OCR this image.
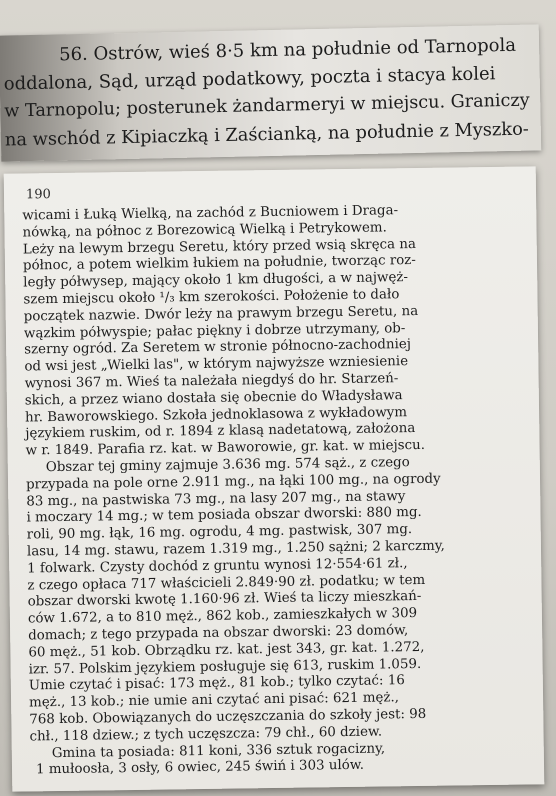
56. Ostrów, wieś 8·5 km na południe od Tarnopola
oddalona, Sąd, urząd podatkowy, poczta i stacya kolei
w Tarnopolu; posterunek żandarmeryi w miejscu. Graniczy
na wschód z Kipiaczką i Zaścianką, na południe z Myszko-
190
wicami i Łuką Wielką, na zachód z Bucniowem i Draga-
nówką, na północ z Borezowicą Wielką i Petrykowem.
Leży na lewym brzegu Seretu, który przed wsią skręca na
północ, a potem wielkim łukiem na południe, tworząc roz-
legły półwysep, mający około 1 km długości, a w najwęż-
szem miejscu około ¹/₃ km szerokości. Położenie to dało
początek nazwie. Dwór leży na prawym brzegu Seretu, na
wązkim półwyspie; pałac piękny i dobrze utrzymany, ob-
szerny ogród. Za Seretem w stronie północno-zachodniej
od wsi jest „Wielki las", w którym najwyższe wzniesienie
wynosi 367 m. Wieś ta należała niegdyś do hr. Starzeń-
skich, a przez wiano dostała się obecnie do Władysława
hr. Baworowskiego. Szkoła jednoklasowa z wykładowym
językiem ruskim, od r. 1894 z klasą nadetatową, założona
w r. 1849. Parafia rz. kat. w Baworowie, gr. kat. w miejscu.
Obszar tej gminy zajmuje 3.636 mg. 574 sąż., z czego
przypada na pole orne 2.911 mg., na łąki 100 mg., na ogrody
83 mg., na pastwiska 73 mg., na lasy 207 mg., na stawy
i moczary 14 mg.; w tem posiada obszar dworski: 880 mg.
roli, 90 mg. łąk, 16 mg. ogrodu, 4 mg. pastwisk, 307 mg.
lasu, 14 mg. stawu, razem 1.319 mg., 1.250 sążni; 2 karczmy,
1 folwark. Czysty dochód z gruntu wynosi 12·554·61 zł.,
z czego opłaca 717 właścicieli 2.849·90 zł. podatku; w tem
obszar dworski kwotę 1.160·96 zł. Wieś ta liczy mieszkań-
ców 1.672, a to 810 męż., 862 kob., zamieszkałych w 309
domach; z tego przypada na obszar dworski: 23 domów,
60 męż., 51 kob. Obrządku rz. kat. jest 343, gr. kat. 1.272,
izr. 57. Polskim językiem posługuje się 613, ruskim 1.059.
Umie czytać i pisać: 173 męż., 81 kob.; tylko czytać: 16
męż., 13 kob.; nie umie ani czytać ani pisać: 621 męż.,
768 kob. Obowiązanych do uczęszczania do szkoły jest: 98
chł., 118 dziew.; z tych uczęszcza: 79 chł., 60 dziew.
Gmina ta posiada: 811 koni, 336 sztuk rogacizny,
1 mułoosła, 3 osły, 6 owiec, 245 świń i 303 ulów.
